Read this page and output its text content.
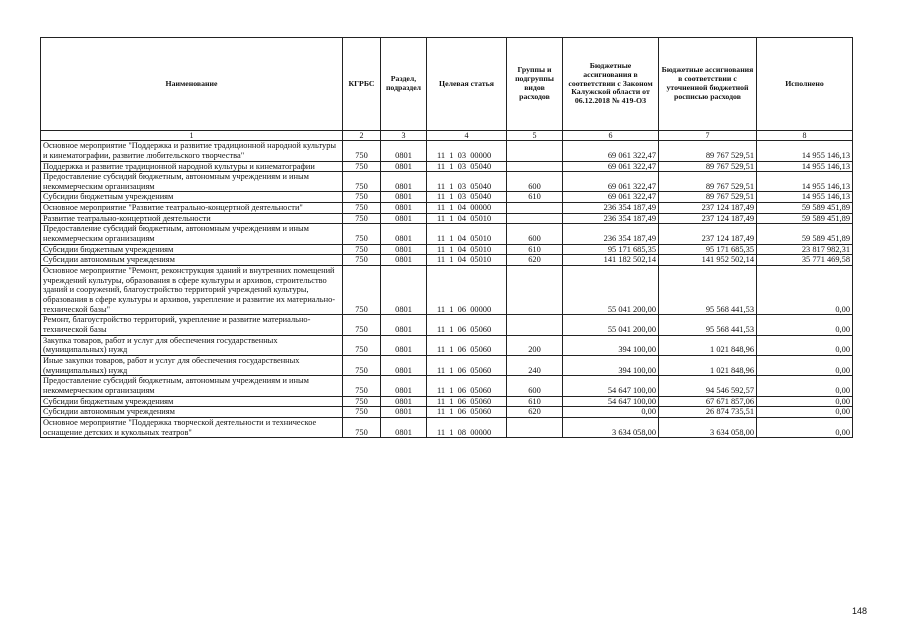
Наименование	КГРБС	Раздел, подраздел	Целевая статья	Группы и подгруппы видов расходов	Бюджетные ассигнования в соответствии с Законом Калужской области от 06.12.2018 № 419-ОЗ	Бюджетные ассигнования в соответствии с уточненной бюджетной росписью расходов	Исполнено
1	2	3	4	5	6	7	8
Основное мероприятие "Поддержка и развитие традиционной народной культуры и кинематографии, развитие любительского творчества"	750	0801	11  1  03  00000		69 061 322,47	89 767 529,51	14 955 146,13
Поддержка и развитие традиционной народной культуры и кинематографии	750	0801	11  1  03  05040		69 061 322,47	89 767 529,51	14 955 146,13
Предоставление субсидий бюджетным, автономным учреждениям и иным некоммерческим организациям	750	0801	11  1  03  05040	600	69 061 322,47	89 767 529,51	14 955 146,13
Субсидии бюджетным учреждениям	750	0801	11  1  03  05040	610	69 061 322,47	89 767 529,51	14 955 146,13
Основное мероприятие "Развитие театрально-концертной деятельности"	750	0801	11  1  04  00000		236 354 187,49	237 124 187,49	59 589 451,89
Развитие театрально-концертной деятельности	750	0801	11  1  04  05010		236 354 187,49	237 124 187,49	59 589 451,89
Предоставление субсидий бюджетным, автономным учреждениям и иным некоммерческим организациям	750	0801	11  1  04  05010	600	236 354 187,49	237 124 187,49	59 589 451,89
Субсидии бюджетным учреждениям	750	0801	11  1  04  05010	610	95 171 685,35	95 171 685,35	23 817 982,31
Субсидии автономным учреждениям	750	0801	11  1  04  05010	620	141 182 502,14	141 952 502,14	35 771 469,58
Основное мероприятие "Ремонт, реконструкция зданий и внутренних помещений учреждений культуры, образования в сфере культуры и архивов, строительство зданий и сооружений, благоустройство территорий учреждений культуры, образования в сфере культуры и архивов, укрепление и развитие их материально-технической базы"	750	0801	11  1  06  00000		55 041 200,00	95 568 441,53	0,00
Ремонт, благоустройство территорий, укрепление и развитие материально-технической базы	750	0801	11  1  06  05060		55 041 200,00	95 568 441,53	0,00
Закупка товаров, работ и услуг для обеспечения государственных (муниципальных) нужд	750	0801	11  1  06  05060	200	394 100,00	1 021 848,96	0,00
Иные закупки товаров, работ и услуг для обеспечения государственных (муниципальных) нужд	750	0801	11  1  06  05060	240	394 100,00	1 021 848,96	0,00
Предоставление субсидий бюджетным, автономным учреждениям и иным некоммерческим организациям	750	0801	11  1  06  05060	600	54 647 100,00	94 546 592,57	0,00
Субсидии бюджетным учреждениям	750	0801	11  1  06  05060	610	54 647 100,00	67 671 857,06	0,00
Субсидии автономным учреждениям	750	0801	11  1  06  05060	620	0,00	26 874 735,51	0,00
Основное мероприятие "Поддержка творческой деятельности и техническое оснащение детских и кукольных театров"	750	0801	11  1  08  00000		3 634 058,00	3 634 058,00	0,00
148
